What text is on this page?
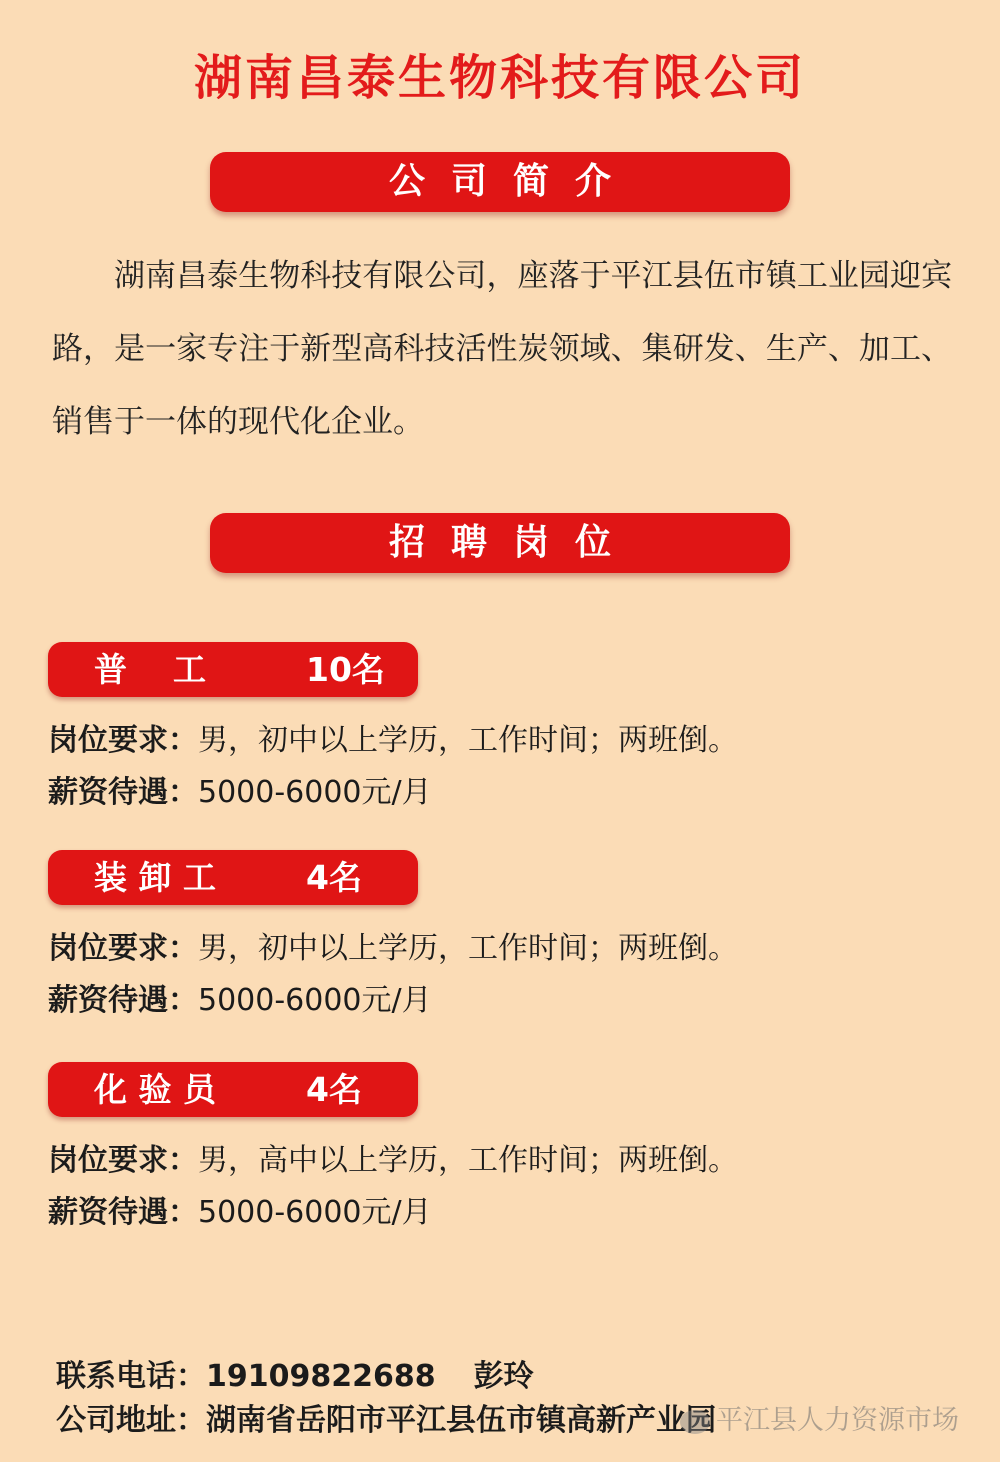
湖南昌泰生物科技有限公司
公司简介
湖南昌泰生物科技有限公司，座落于平江县伍市镇工业园迎宾路，是一家专注于新型高科技活性炭领域、集研发、生产、加工、销售于一体的现代化企业。
招聘岗位
普    工	10名
岗位要求：男，初中以上学历，工作时间；两班倒。
薪资待遇：5000-6000元/月
装 卸 工	4名
岗位要求：男，初中以上学历，工作时间；两班倒。
薪资待遇：5000-6000元/月
化 验 员	4名
岗位要求：男，高中以上学历，工作时间；两班倒。
薪资待遇：5000-6000元/月
联系电话：19109822688 彭玲
公司地址：湖南省岳阳市平江县伍市镇高新产业园 平江县人力资源市场
